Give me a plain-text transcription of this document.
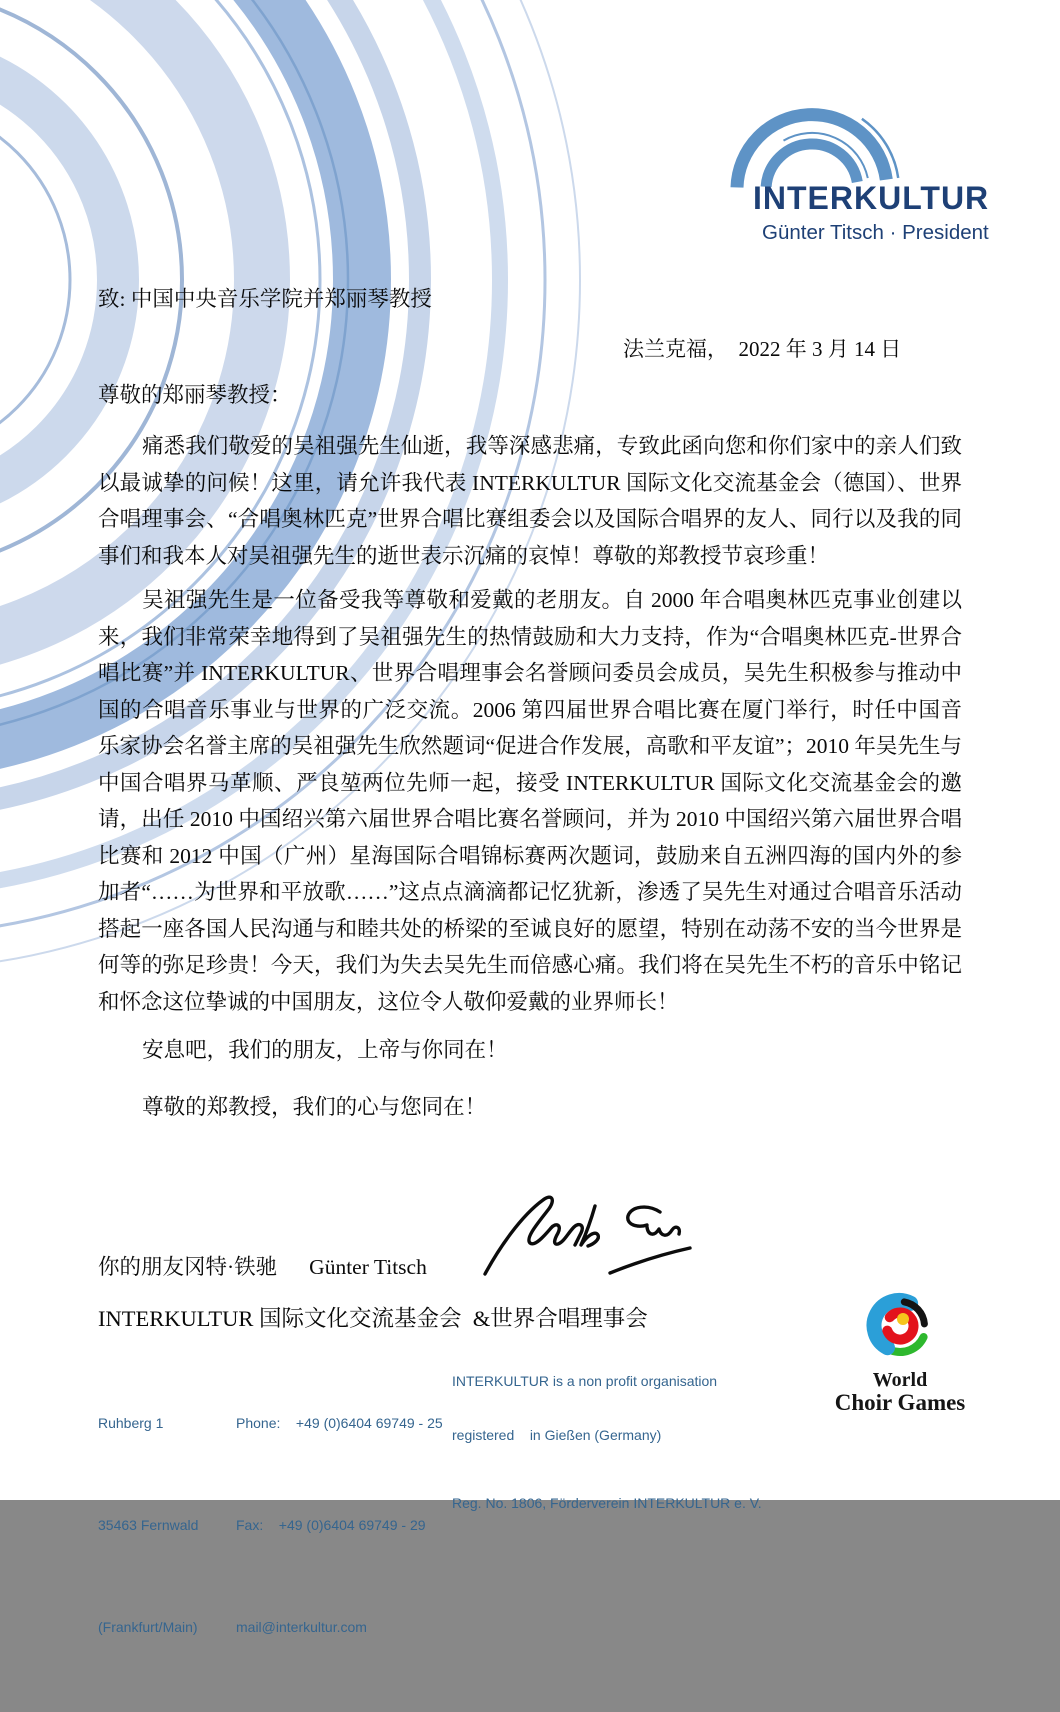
INTERKULTUR
Günter Titsch · President
法兰克福，  2022 年 3 月 14 日
致: 中国中央音乐学院并郑丽琴教授
尊敬的郑丽琴教授：

痛悉我们敬爱的吴祖强先生仙逝，我等深感悲痛，专致此函向您和你们家中的亲人们致以最诚挚的问候！这里，请允许我代表 INTERKULTUR 国际文化交流基金会（德国）、世界合唱理事会、“合唱奥林匹克”世界合唱比赛组委会以及国际合唱界的友人、同行以及我的同事们和我本人对吴祖强先生的逝世表示沉痛的哀悼！尊敬的郑教授节哀珍重！

吴祖强先生是一位备受我等尊敬和爱戴的老朋友。自 2000 年合唱奥林匹克事业创建以来，我们非常荣幸地得到了吴祖强先生的热情鼓励和大力支持，作为“合唱奥林匹克-世界合唱比赛”并 INTERKULTUR、世界合唱理事会名誉顾问委员会成员，吴先生积极参与推动中国的合唱音乐事业与世界的广泛交流。2006 第四届世界合唱比赛在厦门举行，时任中国音乐家协会名誉主席的吴祖强先生欣然题词“促进合作发展，高歌和平友谊”；2010 年吴先生与中国合唱界马革顺、严良堃两位先师一起，接受 INTERKULTUR 国际文化交流基金会的邀请，出任 2010 中国绍兴第六届世界合唱比赛名誉顾问，并为 2010 中国绍兴第六届世界合唱比赛和 2012 中国（广州）星海国际合唱锦标赛两次题词，鼓励来自五洲四海的国内外的参加者“……为世界和平放歌……”这点点滴滴都记忆犹新，渗透了吴先生对通过合唱音乐活动搭起一座各国人民沟通与和睦共处的桥梁的至诚良好的愿望，特别在动荡不安的当今世界是何等的弥足珍贵！今天，我们为失去吴先生而倍感心痛。我们将在吴先生不朽的音乐中铭记和怀念这位挚诚的中国朋友，这位令人敬仰爱戴的业界师长！

安息吧，我们的朋友，上帝与你同在！

尊敬的郑教授，我们的心与您同在！

你的朋友冈特·铁驰 Günter Titsch
INTERKULTUR 国际文化交流基金会  &世界合唱理事会

Ruhberg 1

35463 Fernwald

(Frankfurt/Main)

Phone:    +49 (0)6404 69749 - 25

Fax:    +49 (0)6404 69749 - 29

mail@interkultur.com

INTERKULTUR is a non profit organisation

registered    in Gießen (Germany)

Reg. No. 1806, Förderverein INTERKULTUR e. V.

World
Choir Games
